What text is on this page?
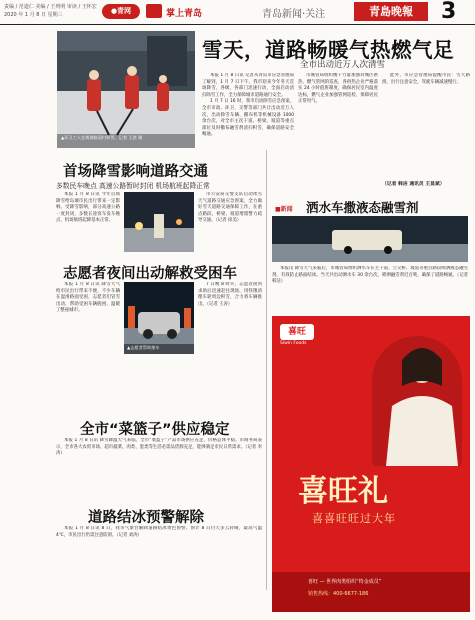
责编 / 范道仁 美编 / 王列明 审读 / 王怀宏
2020 年 1 月 8 日 星期三	●青网	掌上青岛	青岛新闻·关注	青島晚報	3
▲环卫工人在黄海路清扫积雪。记者 王滨 摄
雪天，道路畅暖气热燃气足
全市出动近万人次清雪

本报 1 月 8 日讯 记者从青岛市应急管理局了解到，1 月 7 日下午，我市迎来今年冬天首场降雪，各级、各部门迅速行动，全面启动清扫除雪工作，全力保障城市道路通行安全。

1 月 7 日 16 时，我市启动除雪应急预案，全市市政、环卫、交警等部门共计出动近万人次，出动除雪车辆、撒布机等机械设备 1000 余台次，对全市主次干道、桥梁、坡道等重点部位及时撒布融雪剂清扫积雪，确保道路安全畅通。

市城管局组织精干力量加强对城区供热、燃气管网的巡查，各供热企业严格落实 24 小时值班制度，确保居民室内温度达标，燃气企业加强管网巡检，保障居民正常用气。

此外，市应急管理局提醒市民：雪天路滑，出行注意安全，驾驶车辆减速慢行。

（记者 韩洁 通讯员 王显斌）
首场降雪影响道路交通
多数民车晚点 高速公路暂时封闭 机场航班起降正常

本报 1 月 8 日讯 今年首场降雪给岛城市民出行带来一定影响。受降雪影响，部分高速公路一度封闭，多数长途客车发车晚点，机场航班起降基本正常。

市公安局交警支队启动冰雪天气道路交通应急预案，全力做好雪天道路交通保障工作，在重点路段、桥梁、坡道增派警力疏导交通。（记者 徐美）

志愿者夜间出动解救受困车

本报 1 月 8 日讯 降雪天气给市民出行带来不便，不少车辆在湿滑路面受困，志愿者们冒雪出动，帮助受困车辆脱困，温暖了整座城市。

▲志愿者帮助推车

7 日晚 8 时许，志愿者接到求助后迅速赶往现场，用铁锹清理车轮周边积雪，合力将车辆推出。（记者 王涛）

全市“菜篮子”供应稳定

本报 1 月 8 日讯 降雪降温天气来临，全市“菜篮子”产品市场供应充足，价格总体平稳。市商务局表示，全市各大农贸市场、超市蔬菜、肉类、蛋类等生活必需品货源充足，能够满足市民日常需求。（记者 李涛）

道路结冰预警解除

本报 1 月 8 日讯 8 日，我市气象台解除道路结冰黄色预警。预计 8 日白天多云转晴，最高气温 4℃，市民出行仍需注意防滑。（记者 刘涛）

■新闻 洒水车撒液态融雪剂

本报讯 降雪天气来临后，市城管局组织洒水车在主干道、立交桥、坡道等重点路段喷洒液态融雪剂，有效防止路面结冰。当天共出动洒水车 30 余台次，喷洒融雪剂近百吨，确保了道路畅通。（记者 韩洁）

喜旺
Siwin Foods
喜旺礼
喜喜旺旺过大年
喜旺 — 世界肉类组织“终金成员”
销售热线：400-6677-186
